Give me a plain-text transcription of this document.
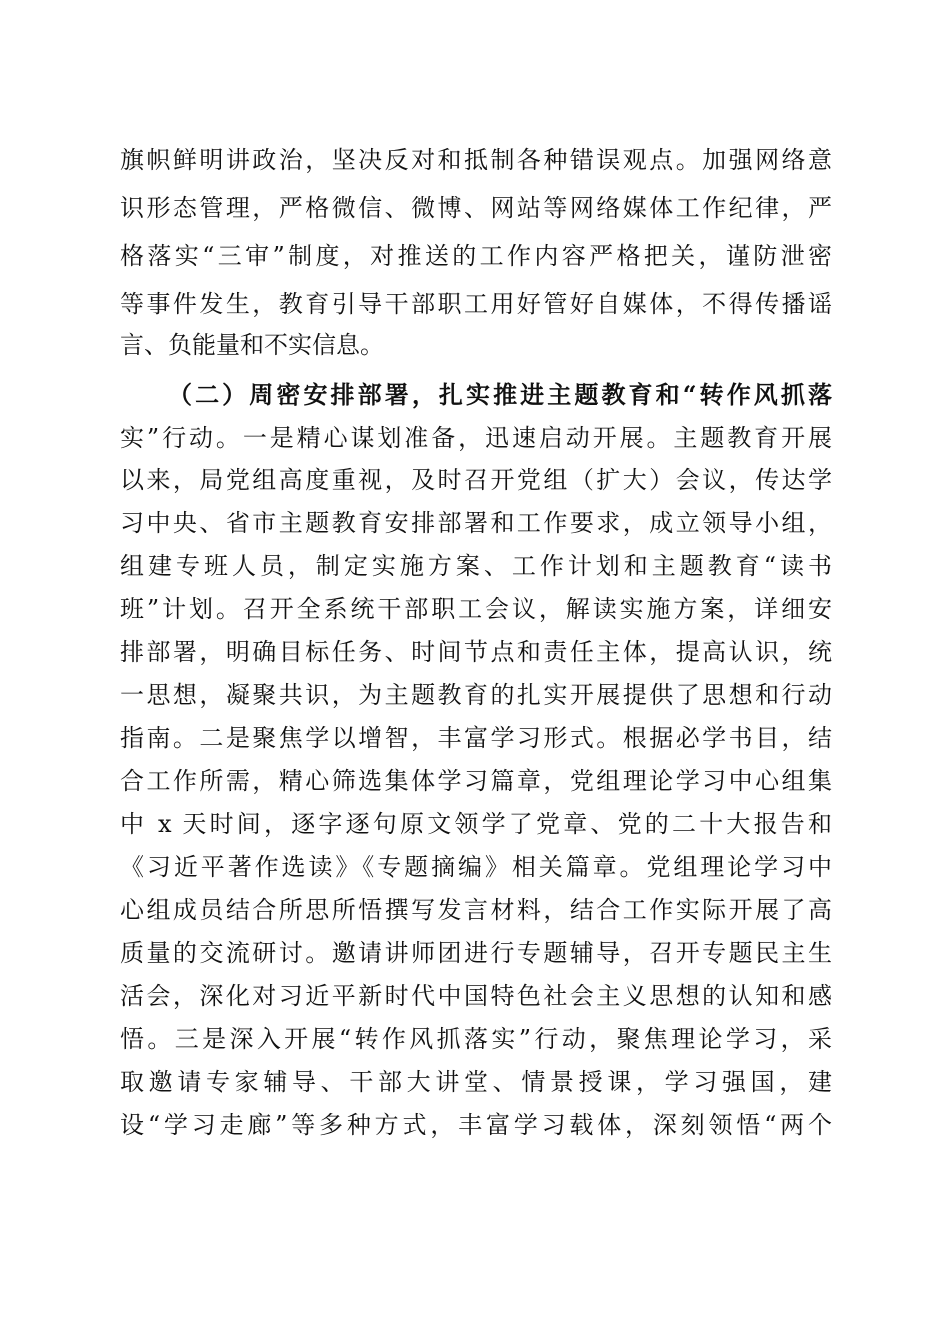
旗帜鲜明讲政治，坚决反对和抵制各种错误观点。加强网络意
识形态管理，严格微信、微博、网站等网络媒体工作纪律，严
格落实“三审”制度，对推送的工作内容严格把关，谨防泄密
等事件发生，教育引导干部职工用好管好自媒体，不得传播谣
言、负能量和不实信息。
（二）周密安排部署，扎实推进主题教育和“转作风抓落
实”行动。一是精心谋划准备，迅速启动开展。主题教育开展
以来，局党组高度重视，及时召开党组（扩大）会议，传达学
习中央、省市主题教育安排部署和工作要求，成立领导小组，
组建专班人员，制定实施方案、工作计划和主题教育“读书
班”计划。召开全系统干部职工会议，解读实施方案，详细安
排部署，明确目标任务、时间节点和责任主体，提高认识，统
一思想，凝聚共识，为主题教育的扎实开展提供了思想和行动
指南。二是聚焦学以增智，丰富学习形式。根据必学书目，结
合工作所需，精心筛选集体学习篇章，党组理论学习中心组集
中 x 天时间，逐字逐句原文领学了党章、党的二十大报告和
《习近平著作选读》《专题摘编》相关篇章。党组理论学习中
心组成员结合所思所悟撰写发言材料，结合工作实际开展了高
质量的交流研讨。邀请讲师团进行专题辅导，召开专题民主生
活会，深化对习近平新时代中国特色社会主义思想的认知和感
悟。三是深入开展“转作风抓落实”行动，聚焦理论学习，采
取邀请专家辅导、干部大讲堂、情景授课，学习强国，建
设“学习走廊”等多种方式，丰富学习载体，深刻领悟“两个
